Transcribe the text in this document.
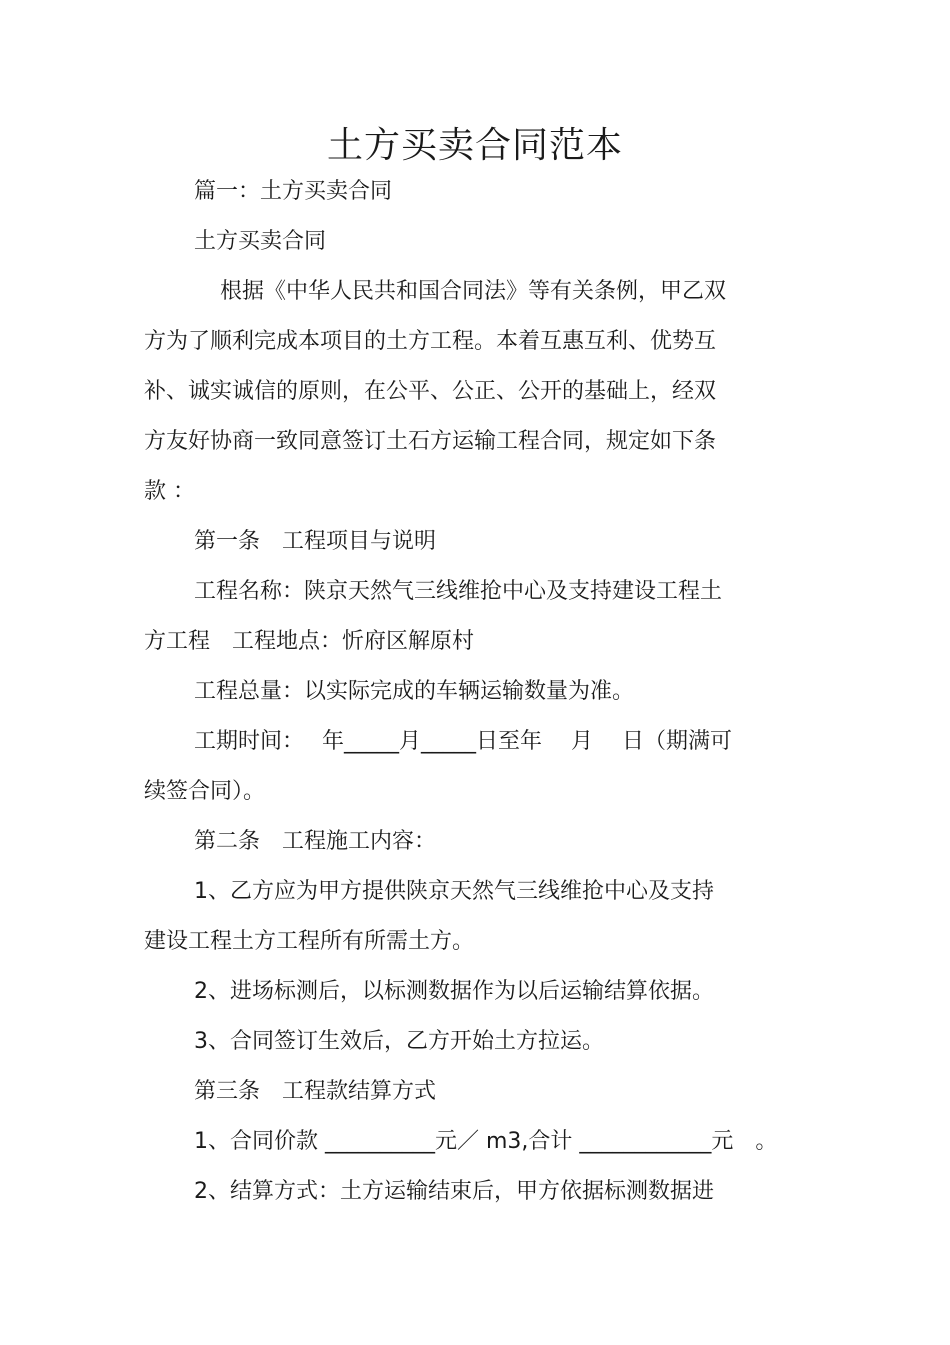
土方买卖合同范本
篇一：土方买卖合同
土方买卖合同
根据《中华人民共和国合同法》等有关条例，甲乙双
方为了顺利完成本项目的土方工程。本着互惠互利、优势互
补、诚实诚信的原则，在公平、公正、公开的基础上，经双
方友好协商一致同意签订土石方运输工程合同，规定如下条
款 ：
第一条　工程项目与说明
工程名称：陕京天然气三线维抢中心及支持建设工程土
方工程　工程地点：忻府区解原村
工程总量：以实际完成的车辆运输数量为准。
工期时间：　 年_____月_____日至年　 月　 日（期满可
续签合同）。
第二条　工程施工内容：
1、乙方应为甲方提供陕京天然气三线维抢中心及支持
建设工程土方工程所有所需土方。
2、进场标测后，以标测数据作为以后运输结算依据。
3、合同签订生效后，乙方开始土方拉运。
第三条　工程款结算方式
1、合同价款 __________元／ m3,合计 ____________元　。
2、结算方式：土方运输结束后，甲方依据标测数据进
